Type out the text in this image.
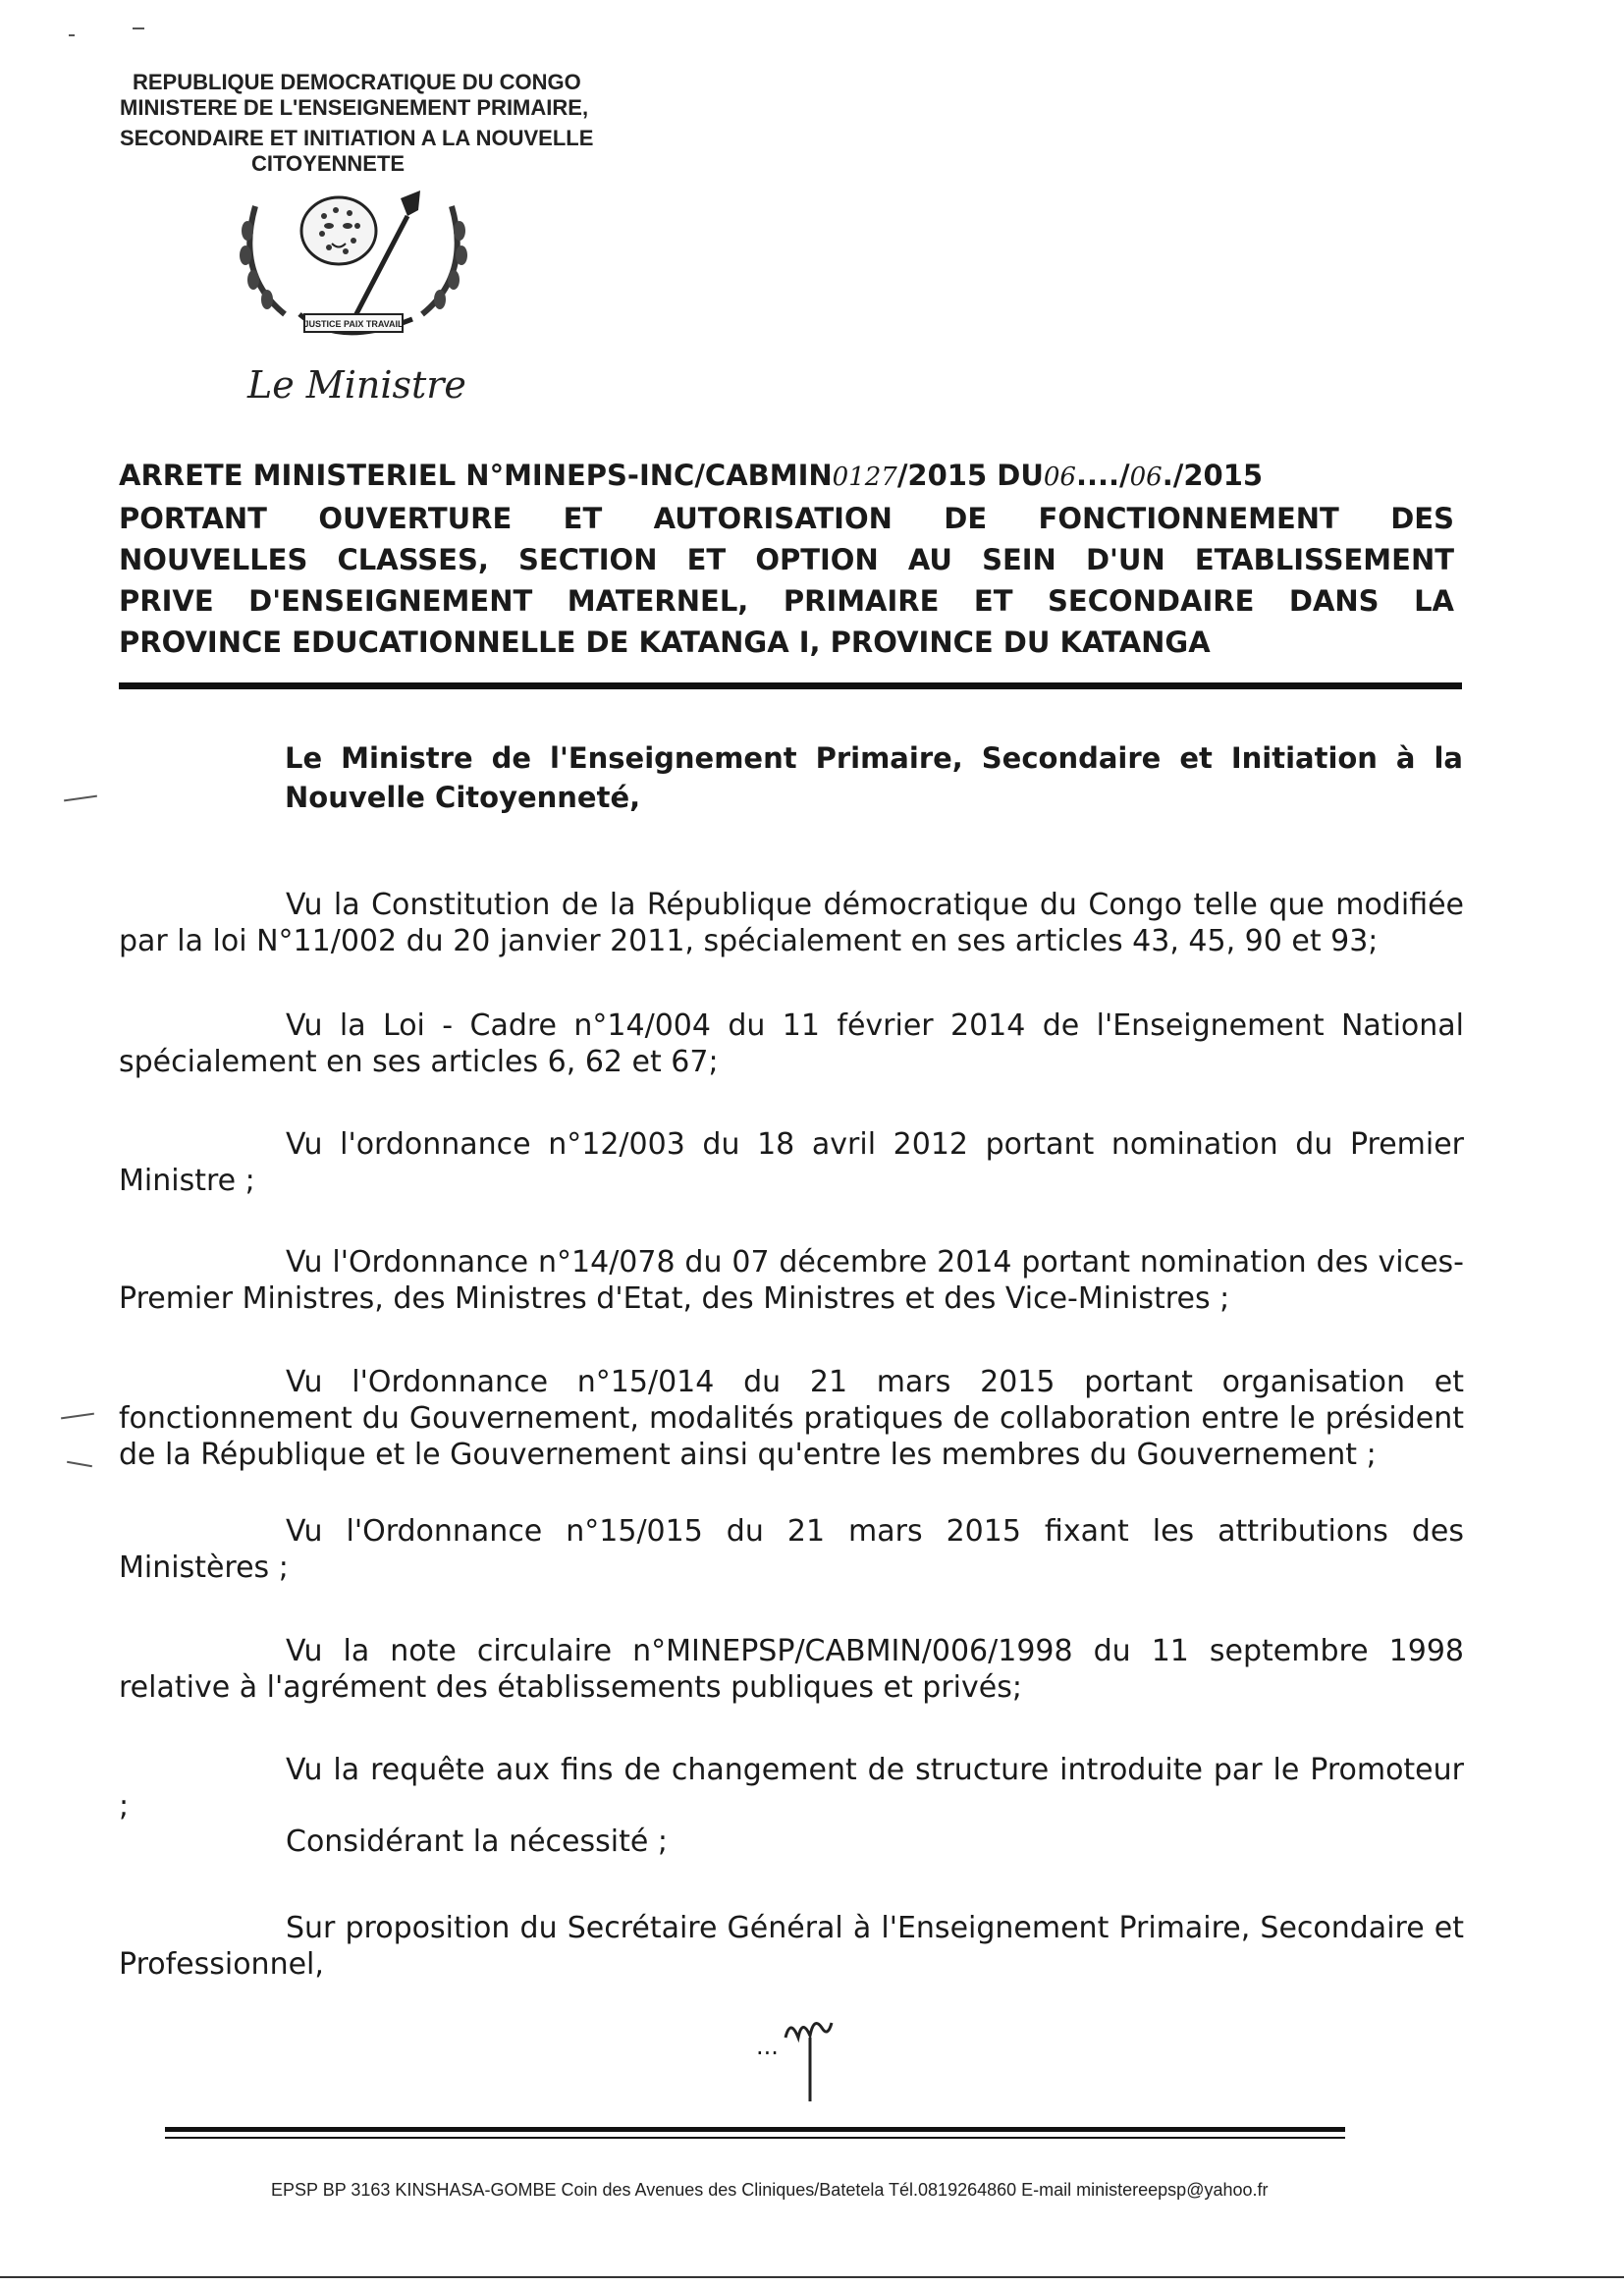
REPUBLIQUE DEMOCRATIQUE DU CONGO
MINISTERE DE L'ENSEIGNEMENT PRIMAIRE,
SECONDAIRE ET INITIATION A LA NOUVELLE
CITOYENNETE
JUSTICE PAIX TRAVAIL
Le Ministre
ARRETE MINISTERIEL N°MINEPS-INC/CABMIN0127/2015 DU06..../06./2015
PORTANT OUVERTURE ET AUTORISATION DE FONCTIONNEMENT DES
NOUVELLES CLASSES, SECTION ET OPTION AU SEIN D'UN ETABLISSEMENT
PRIVE D'ENSEIGNEMENT MATERNEL, PRIMAIRE ET SECONDAIRE DANS LA
PROVINCE EDUCATIONNELLE DE KATANGA I, PROVINCE DU KATANGA
Le Ministre de l'Enseignement Primaire, Secondaire et Initiation à la Nouvelle Citoyenneté,
Vu la Constitution de la République démocratique du Congo telle que modifiée par la loi N°11/002 du 20 janvier 2011, spécialement en ses articles 43, 45, 90 et 93;
Vu la Loi - Cadre n°14/004 du 11 février 2014 de l'Enseignement National spécialement en ses articles 6, 62 et 67;
Vu l'ordonnance n°12/003 du 18 avril 2012 portant nomination du Premier Ministre ;
Vu l'Ordonnance n°14/078 du 07 décembre 2014 portant nomination des vices-Premier Ministres, des Ministres d'Etat, des Ministres et des Vice-Ministres ;
Vu l'Ordonnance n°15/014 du 21 mars 2015 portant organisation et fonctionnement du Gouvernement, modalités pratiques de collaboration entre le président de la République et le Gouvernement ainsi qu'entre les membres du Gouvernement ;
Vu l'Ordonnance n°15/015 du 21 mars 2015 fixant les attributions des Ministères ;
Vu la note circulaire n°MINEPSP/CABMIN/006/1998 du 11 septembre 1998 relative à l'agrément des établissements publiques et privés;
Vu la requête aux fins de changement de structure introduite par le Promoteur ;
Considérant la nécessité ;
Sur proposition du Secrétaire Général à l'Enseignement Primaire, Secondaire et Professionnel,
...
EPSP BP 3163 KINSHASA-GOMBE Coin des Avenues des Cliniques/Batetela Tél.0819264860 E-mail ministereepsp@yahoo.fr
